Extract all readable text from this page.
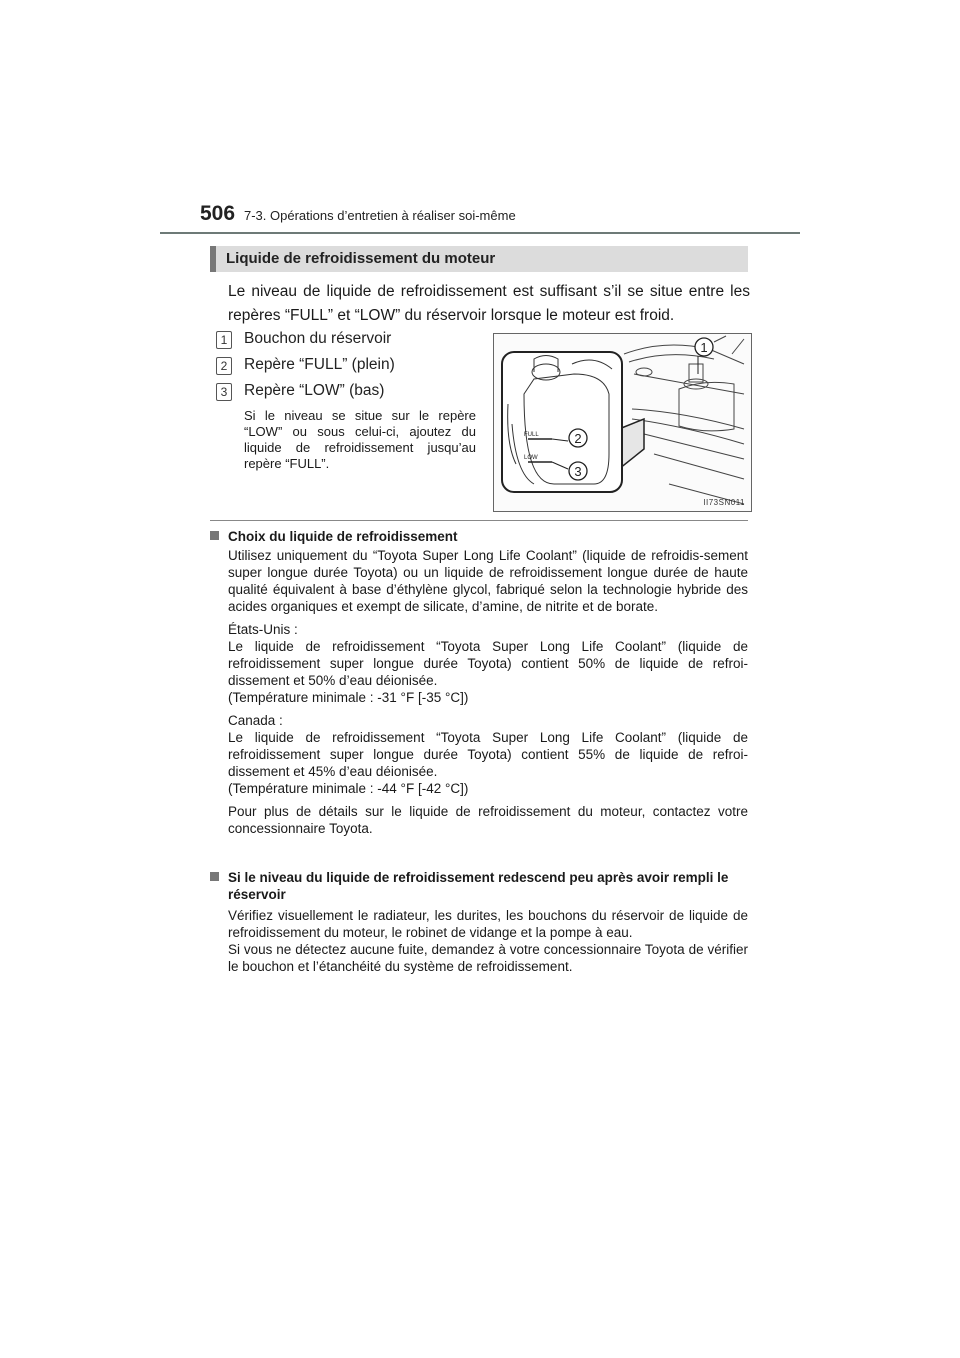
506 7-3. Opérations d’entretien à réaliser soi-même
Liquide de refroidissement du moteur
Le niveau de liquide de refroidissement est suffisant s’il se situe entre les repères “FULL” et “LOW” du réservoir lorsque le moteur est froid.
1	Bouchon du réservoir
2	Repère “FULL” (plein)
3	Repère “LOW” (bas)
Si le niveau se situe sur le repère “LOW” ou sous celui-ci, ajoutez du liquide de refroidissement jusqu’au repère “FULL”.
FULL
LOW
1
2
3
II73SN011
Choix du liquide de refroidissement

Utilisez uniquement du “Toyota Super Long Life Coolant” (liquide de refroidis-sement super longue durée Toyota) ou un liquide de refroidissement longue durée de haute qualité équivalent à base d’éthylène glycol, fabriqué selon la technologie hybride des acides organiques et exempt de silicate, d’amine, de nitrite et de borate.

États-Unis :

Le liquide de refroidissement “Toyota Super Long Life Coolant” (liquide de refroidissement super longue durée Toyota) contient 50% de liquide de refroi-dissement et 50% d’eau déionisée.

(Température minimale : -31 °F [-35 °C])

Canada :

Le liquide de refroidissement “Toyota Super Long Life Coolant” (liquide de refroidissement super longue durée Toyota) contient 55% de liquide de refroi-dissement et 45% d’eau déionisée.

(Température minimale : -44 °F [-42 °C])

Pour plus de détails sur le liquide de refroidissement du moteur, contactez votre concessionnaire Toyota.

Si le niveau du liquide de refroidissement redescend peu après avoir rempli le réservoir

Vérifiez visuellement le radiateur, les durites, les bouchons du réservoir de liquide de refroidissement du moteur, le robinet de vidange et la pompe à eau.

Si vous ne détectez aucune fuite, demandez à votre concessionnaire Toyota de vérifier le bouchon et l’étanchéité du système de refroidissement.
